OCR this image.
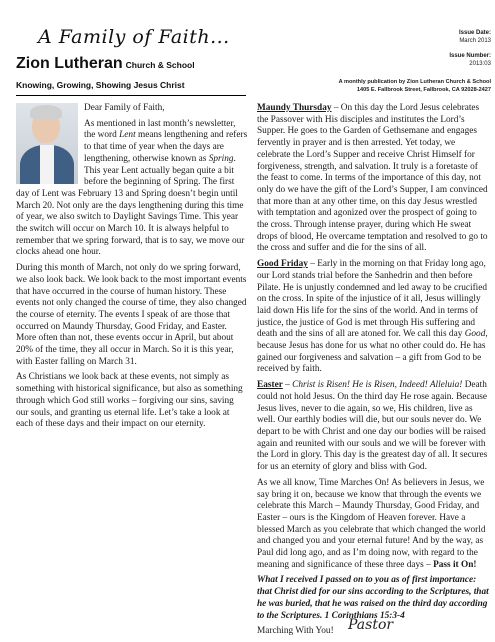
A Family of Faith...
Zion Lutheran Church & School
Knowing, Growing, Showing Jesus Christ
Issue Date:
March 2013
Issue Number:
2013:03
A monthly publication by Zion Lutheran Church & School
1405 E. Fallbrook Street, Fallbrook, CA 92028-2427

Dear Family of Faith,

As mentioned in last month’s newsletter, the word Lent means lengthening and refers to that time of year when the days are lengthening, otherwise known as Spring. This year Lent actually began quite a bit before the beginning of Spring. The first day of Lent was February 13 and Spring doesn’t begin until March 20. Not only are the days lengthening during this time of year, we also switch to Daylight Savings Time. This year the switch will occur on March 10. It is always helpful to remember that we spring forward, that is to say, we move our clocks ahead one hour.

During this month of March, not only do we spring forward, we also look back. We look back to the most important events that have occurred in the course of human history. These events not only changed the course of time, they also changed the course of eternity. The events I speak of are those that occurred on Maundy Thursday, Good Friday, and Easter. More often than not, these events occur in April, but about 20% of the time, they all occur in March. So it is this year, with Easter falling on March 31.

As Christians we look back at these events, not simply as something with historical significance, but also as something through which God still works – forgiving our sins, saving our souls, and granting us eternal life. Let’s take a look at each of these days and their impact on our eternity.

Maundy Thursday – On this day the Lord Jesus celebrates the Passover with His disciples and institutes the Lord’s Supper. He goes to the Garden of Gethsemane and engages fervently in prayer and is then arrested. Yet today, we celebrate the Lord’s Supper and receive Christ Himself for forgiveness, strength, and salvation. It truly is a foretaste of the feast to come. In terms of the importance of this day, not only do we have the gift of the Lord’s Supper, I am convinced that more than at any other time, on this day Jesus wrestled with temptation and agonized over the prospect of going to the cross. Through intense prayer, during which He sweat drops of blood, He overcame temptation and resolved to go to the cross and suffer and die for the sins of all.

Good Friday – Early in the morning on that Friday long ago, our Lord stands trial before the Sanhedrin and then before Pilate. He is unjustly condemned and led away to be crucified on the cross. In spite of the injustice of it all, Jesus willingly laid down His life for the sins of the world. And in terms of justice, the justice of God is met through His suffering and death and the sins of all are atoned for. We call this day Good, because Jesus has done for us what no other could do. He has gained our forgiveness and salvation – a gift from God to be received by faith.

Easter – Christ is Risen! He is Risen, Indeed! Alleluia! Death could not hold Jesus. On the third day He rose again. Because Jesus lives, never to die again, so we, His children, live as well. Our earthly bodies will die, but our souls never do. We depart to be with Christ and one day our bodies will be raised again and reunited with our souls and we will be forever with the Lord in glory. This day is the greatest day of all. It secures for us an eternity of glory and bliss with God.

As we all know, Time Marches On! As believers in Jesus, we say bring it on, because we know that through the events we celebrate this March – Maundy Thursday, Good Friday, and Easter – ours is the Kingdom of Heaven forever. Have a blessed March as you celebrate that which changed the world and changed you and your eternal future! And by the way, as Paul did long ago, and as I’m doing now, with regard to the meaning and significance of these three days – Pass it On!

What I received I passed on to you as of first importance: that Christ died for our sins according to the Scriptures, that he was buried, that he was raised on the third day according to the Scriptures. 1 Corinthians 15:3-4

Marching With You!	Pastor
